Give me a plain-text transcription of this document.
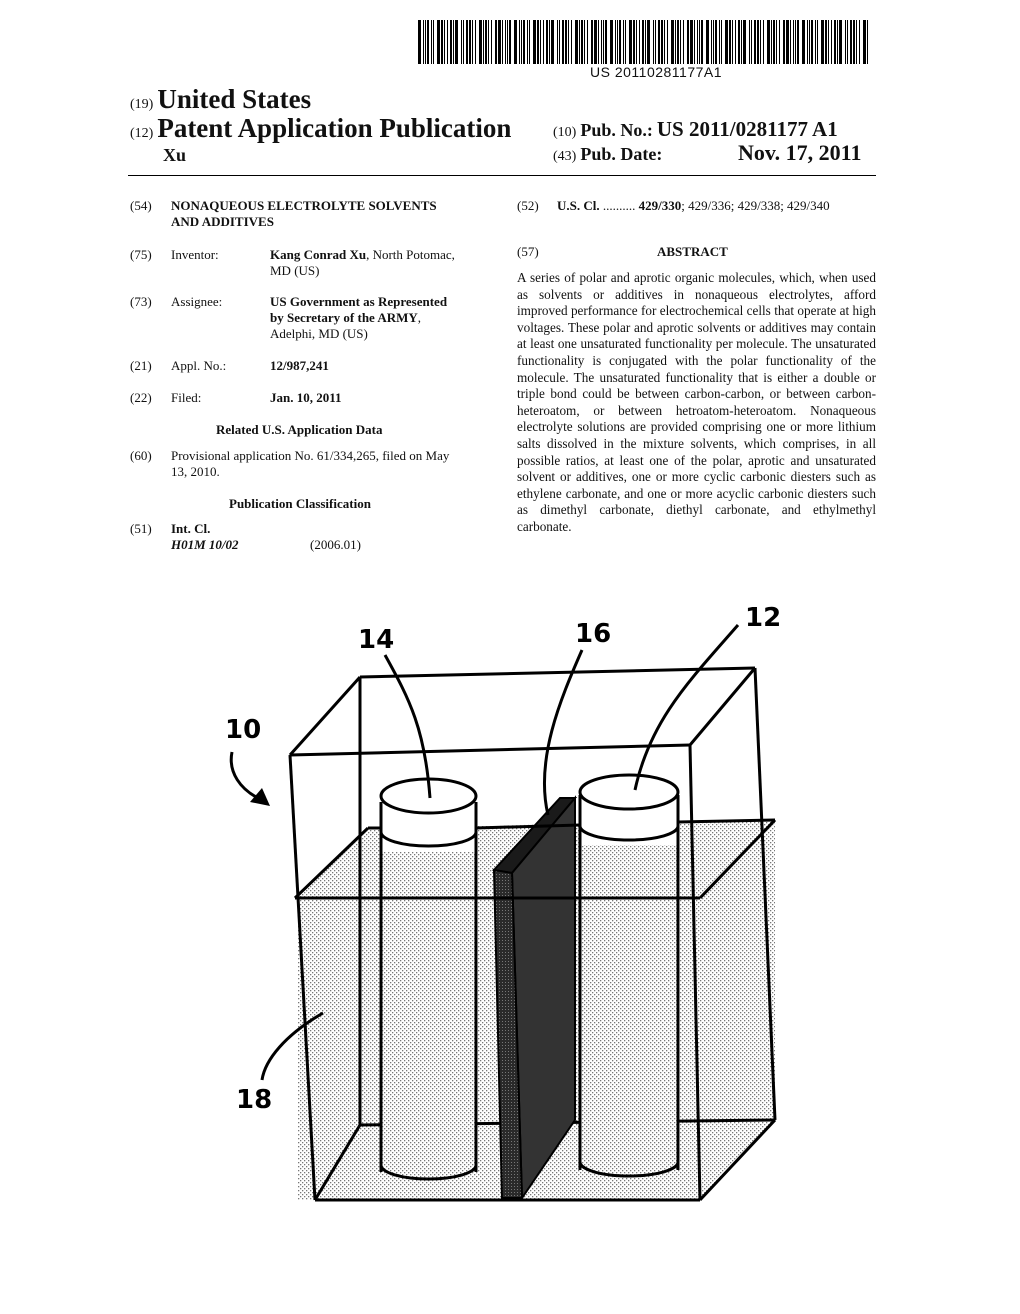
US 20110281177A1
(19) United States
(12) Patent Application Publication
Xu
(10) Pub. No.: US 2011/0281177 A1
(43) Pub. Date:	Nov. 17, 2011
(54) NONAQUEOUS ELECTROLYTE SOLVENTS
AND ADDITIVES
(75) Inventor:	Kang Conrad Xu, North Potomac,
MD (US)
(73) Assignee:	US Government as Represented
by Secretary of the ARMY,
Adelphi, MD (US)
(21) Appl. No.:	12/987,241
(22) Filed:	Jan. 10, 2011
Related U.S. Application Data
(60) Provisional application No. 61/334,265, filed on May
13, 2010.
Publication Classification
(51) Int. Cl.
H01M 10/02	(2006.01)
(52) U.S. Cl. .......... 429/330; 429/336; 429/338; 429/340
(57)	ABSTRACT
A series of polar and aprotic organic molecules, which, when used as solvents or additives in nonaqueous electrolytes, afford improved performance for electrochemical cells that operate at high voltages. These polar and aprotic solvents or additives may contain at least one unsaturated functionality per molecule. The unsaturated functionality is conjugated with the polar functionality of the molecule. The unsaturated functionality that is either a double or triple bond could be between carbon-carbon, or between carbon-heteroatom, or between hetroatom-heteroatom. Nonaqueous electrolyte solutions are provided comprising one or more lithium salts dissolved in the mixture solvents, which comprises, in all possible ratios, at least one of the polar, aprotic and unsaturated solvent or additives, one or more cyclic carbonic diesters such as ethylene carbonate, and one or more acyclic carbonic diesters such as dimethyl carbonate, diethyl carbonate, and ethylmethyl carbonate.
10
12
14	16
18
